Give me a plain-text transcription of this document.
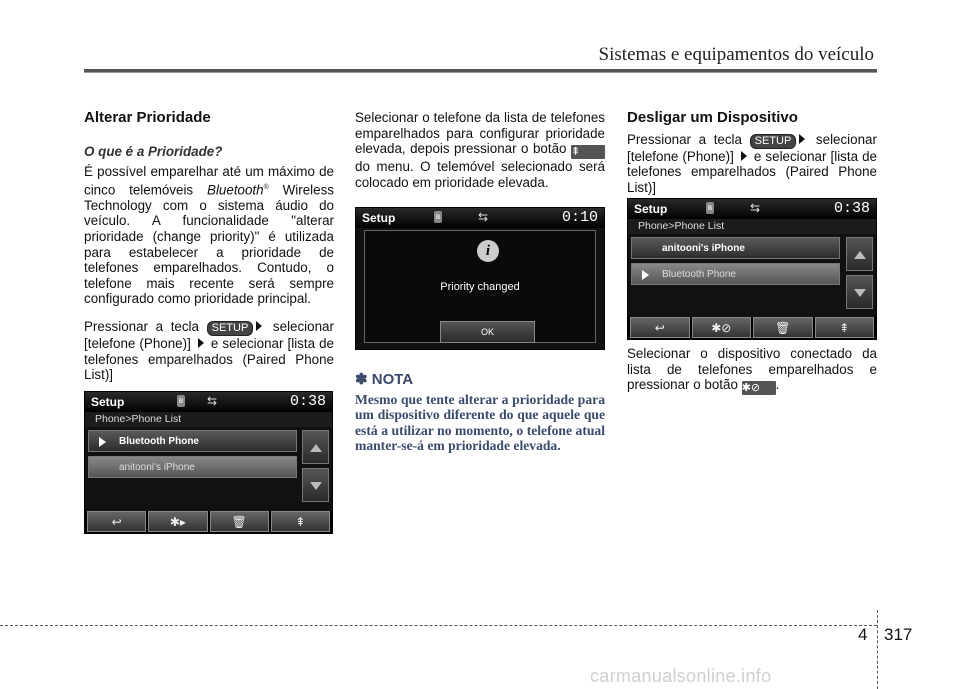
Sistemas e equipamentos do veículo
Alterar Prioridade
O que é a Prioridade?

É possível emparelhar até um máximo de cinco telemóveis Bluetooth® Wireless Technology com o sistema áudio do veículo. A funcionalidade "alterar prioridade (change priority)" é utilizada para estabelecer a prioridade de telefones emparelhados. Contudo, o telefone mais recente será sempre configurado como prioridade principal.

Pressionar a tecla SETUP selecionar [telefone (Phone)] e selecionar [lista de telefones emparelhados (Paired Phone List)]

Setup	ʙ ⇆	0:38
Phone>Phone List
Bluetooth Phone
anitooni's iPhone
↩	✱▸	🗑	⇞

Selecionar o telefone da lista de telefones emparelhados para configurar prioridade elevada, depois pressionar o botão ⇞ do menu. O telemóvel selecionado será colocado em prioridade elevada.

Setup	ʙ	⇆	0:10
i
Priority changed
OK
✽ NOTA
Mesmo que tente alterar a prioridade para um dispositivo diferente do que aquele que está a utilizar no momento, o telefone atual manter-se-á em prioridade elevada.
Desligar um Dispositivo

Pressionar a tecla SETUP selecionar [telefone (Phone)] e selecionar [lista de telefones emparelhados (Paired Phone List)]

Setup	ʙ	⇆	0:38
Phone>Phone List
anitooni's iPhone
Bluetooth Phone
↩	✱⊘	🗑	⇞

Selecionar o dispositivo conectado da lista de telefones emparelhados e pressionar o botão ✱⊘ .

4 317
carmanualsonline.info
